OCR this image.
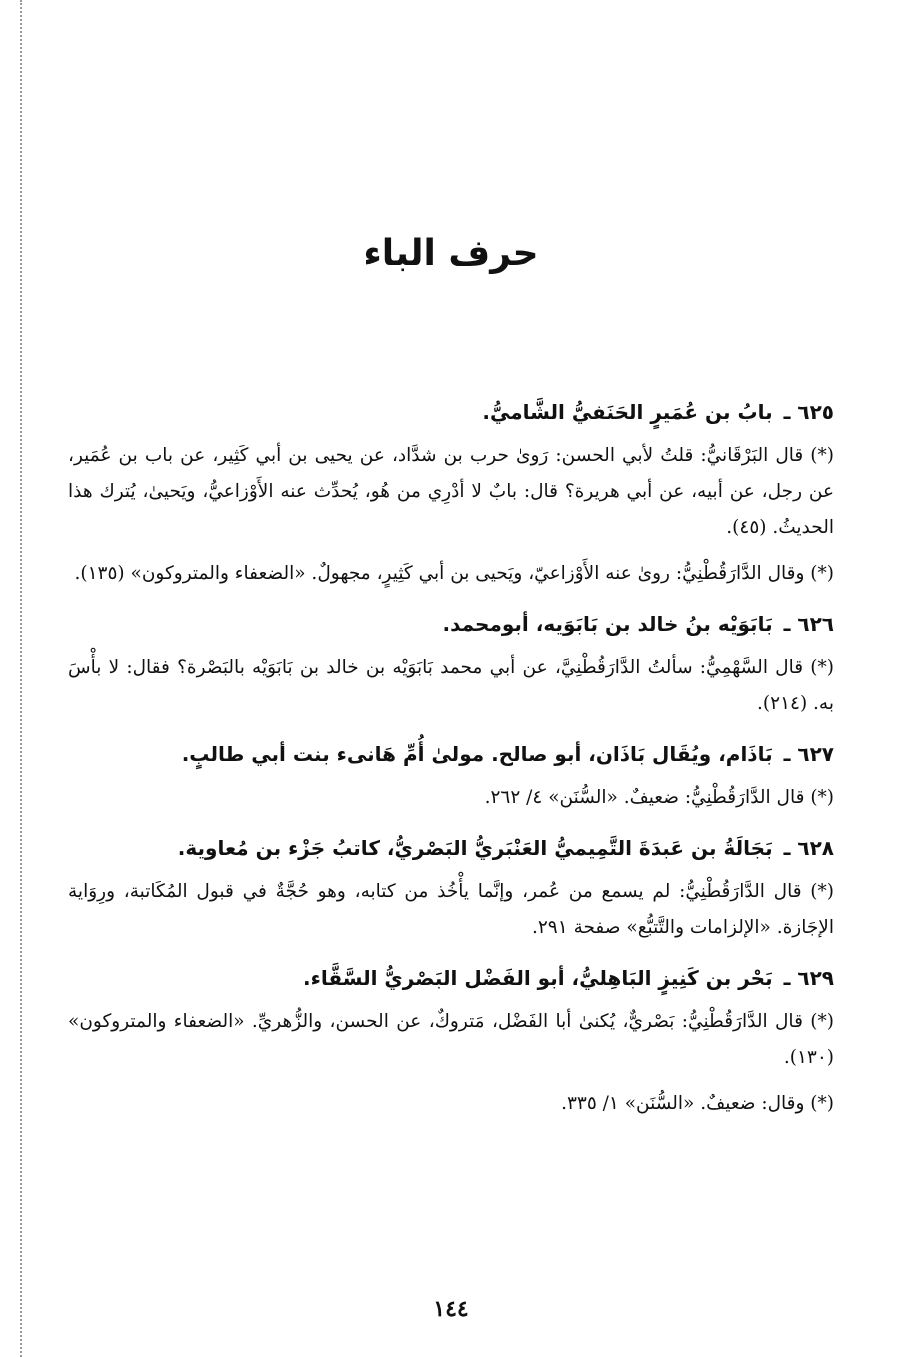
حرف الباء

٦٢٥ ـ بابُ بن عُمَيرٍ الحَنَفيُّ الشَّاميُّ.

(*) قال البَرْقَانيُّ: قلتُ لأبي الحسن: رَوىٰ حرب بن شدَّاد، عن يحيى بن أبي كَثِير، عن باب بن عُمَير، عن رجل، عن أبيه، عن أبي هريرة؟ قال: بابٌ لا أدْرِي من هُو، يُحدِّث عنه الأَوْزاعيُّ، ويَحيىٰ، يُترك هذا الحديثُ. (٤٥).

(*) وقال الدَّارَقُطْنِيُّ: روىٰ عنه الأَوْزاعيّ، ويَحيى بن أبي كَثِيرٍ، مجهولٌ. «الضعفاء والمتروكون» (١٣٥).

٦٢٦ ـ بَابَوَيْه بنُ خالد بن بَابَوَيه، أبومحمد.

(*) قال السَّهْمِيُّ: سألتُ الدَّارَقُطْنِيَّ، عن أبي محمد بَابَوَيْه بن خالد بن بَابَوَيْه بالبَصْرة؟ فقال: لا بأْسَ به. (٢١٤).

٦٢٧ ـ بَاذَام، ويُقَال بَاذَان، أبو صالح. مولىٰ أُمِّ هَانىء بنت أبي طالبٍ.

(*) قال الدَّارَقُطْنِيُّ: ضعيفٌ. «السُّنَن» ٤/ ٢٦٢.

٦٢٨ ـ بَجَالَةُ بن عَبدَةَ التَّمِيميُّ العَنْبَريُّ البَصْريُّ، كاتبُ جَزْء بن مُعاوية.

(*) قال الدَّارَقُطْنِيُّ: لم يسمع من عُمر، وإنَّما يأْخُذ من كتابه، وهو حُجَّةٌ في قبول المُكَاتبة، ورِوَاية الإجَازة. «الإلزامات والتَّتبُّع» صفحة ٢٩١.

٦٢٩ ـ بَحْر بن كَنِيزٍ البَاهِليُّ، أبو الفَضْل البَصْريُّ السَّقَّاء.

(*) قال الدَّارَقُطْنِيُّ: بَصْريٌّ، يُكنىٰ أبا الفَضْل، مَتروكٌ، عن الحسن، والزُّهريِّ. «الضعفاء والمتروكون» (١٣٠).

(*) وقال: ضعيفٌ. «السُّنَن» ١/ ٣٣٥.

١٤٤
